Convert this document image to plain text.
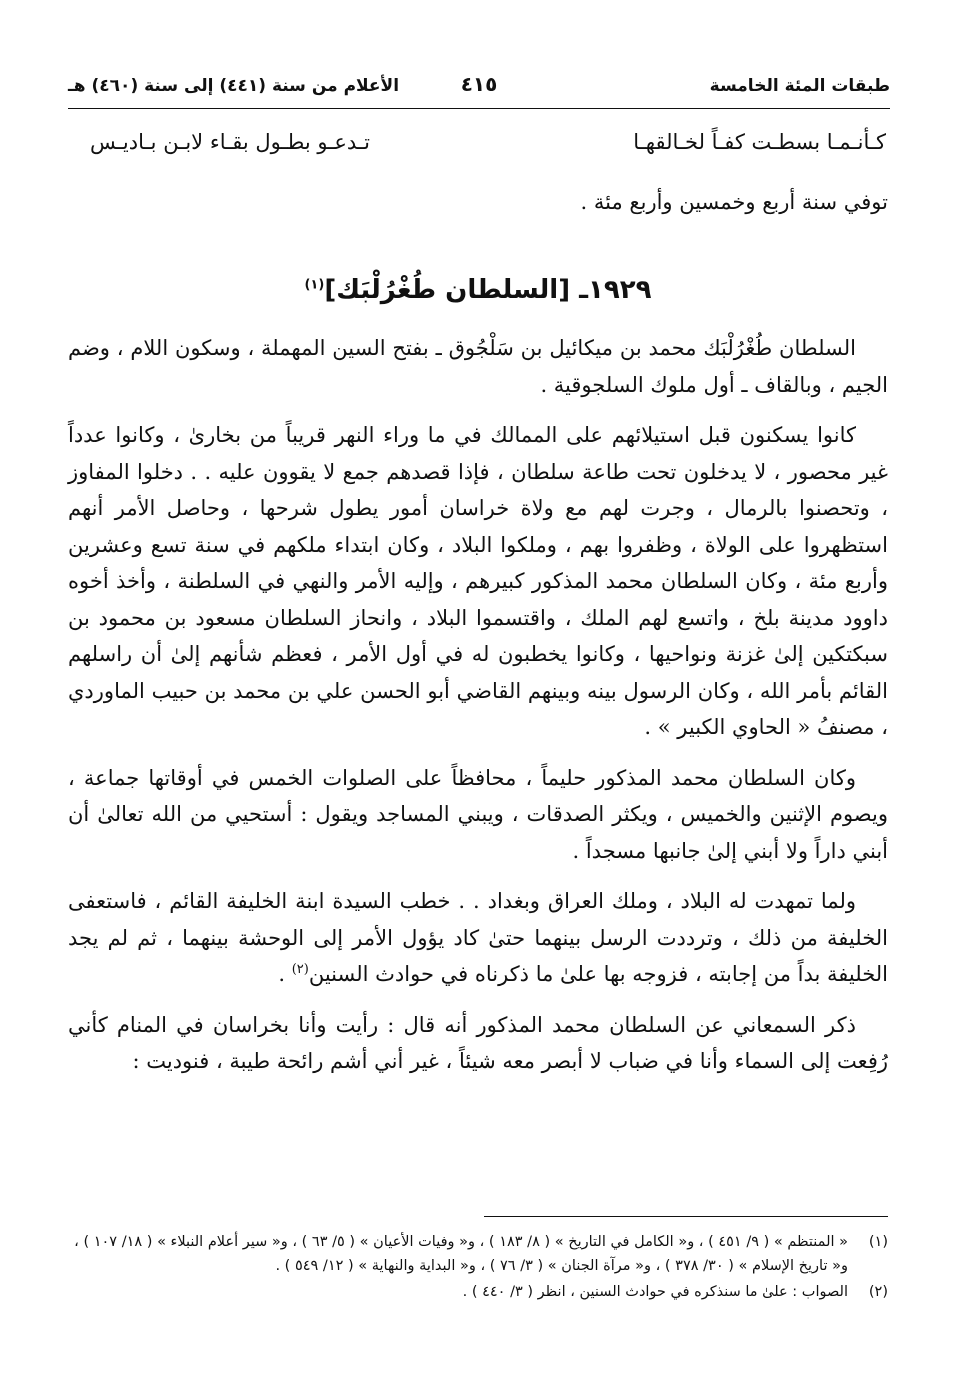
طبقات المئة الخامسة
٤١٥
الأعلام من سنة (٤٤١) إلى سنة (٤٦٠) هـ
كـأنـمـا بسطـت كفـاً لخـالقهـا
تـدعـو بطـول بقـاء لابـن بـاديـس
توفي سنة أربع وخمسين وأربع مئة .
١٩٢٩ـ [السلطان طُغْرُلْبَك]$^{(١)}$

السلطان طُغْرُلْبَك محمد بن ميكائيل بن سَلْجُوق ـ بفتح السين المهملة ، وسكون اللام ، وضم الجيم ، وبالقاف ـ أول ملوك السلجوقية .

كانوا يسكنون قبل استيلائهم على الممالك في ما وراء النهر قريباً من بخارىٰ ، وكانوا عدداً غير محصور ، لا يدخلون تحت طاعة سلطان ، فإذا قصدهم جمع لا يقوون عليه . . دخلوا المفاوز ، وتحصنوا بالرمال ، وجرت لهم مع ولاة خراسان أمور يطول شرحها ، وحاصل الأمر أنهم استظهروا على الولاة ، وظفروا بهم ، وملكوا البلاد ، وكان ابتداء ملكهم في سنة تسع وعشرين وأربع مئة ، وكان السلطان محمد المذكور كبيرهم ، وإليه الأمر والنهي في السلطنة ، وأخذ أخوه داوود مدينة بلخ ، واتسع لهم الملك ، واقتسموا البلاد ، وانحاز السلطان مسعود بن محمود بن سبكتكين إلىٰ غزنة ونواحيها ، وكانوا يخطبون له في أول الأمر ، فعظم شأنهم إلىٰ أن راسلهم القائم بأمر الله ، وكان الرسول بينه وبينهم القاضي أبو الحسن علي بن محمد بن حبيب الماوردي ، مصنفُ « الحاوي الكبير » .

وكان السلطان محمد المذكور حليماً ، محافظاً على الصلوات الخمس في أوقاتها جماعة ، ويصوم الإثنين والخميس ، ويكثر الصدقات ، ويبني المساجد ويقول : أستحيي من الله تعالىٰ أن أبني داراً ولا أبني إلىٰ جانبها مسجداً .

ولما تمهدت له البلاد ، وملك العراق وبغداد . . خطب السيدة ابنة الخليفة القائم ، فاستعفى الخليفة من ذلك ، وترددت الرسل بينهما حتىٰ كاد يؤول الأمر إلى الوحشة بينهما ، ثم لم يجد الخليفة بداً من إجابته ، فزوجه بها علىٰ ما ذكرناه في حوادث السنين$^{(٢)}$ .

ذكر السمعاني عن السلطان محمد المذكور أنه قال : رأيت وأنا بخراسان في المنام كأني رُفِعت إلى السماء وأنا في ضباب لا أبصر معه شيئاً ، غير أني أشم رائحة طيبة ، فنوديت :

(١)
« المنتظم » ( ٩/ ٤٥١ ) ، و« الكامل في التاريخ » ( ٨/ ١٨٣ ) ، و« وفيات الأعيان » ( ٥/ ٦٣ ) ، و« سير أعلام النبلاء » ( ١٨/ ١٠٧ ) ، و« تاريخ الإسلام » ( ٣٠/ ٣٧٨ ) ، و« مرآة الجنان » ( ٣/ ٧٦ ) ، و« البداية والنهاية » ( ١٢/ ٥٤٩ ) .

(٢)
الصواب : علىٰ ما سنذكره في حوادث السنين ، انظر ( ٣/ ٤٤٠ ) .
